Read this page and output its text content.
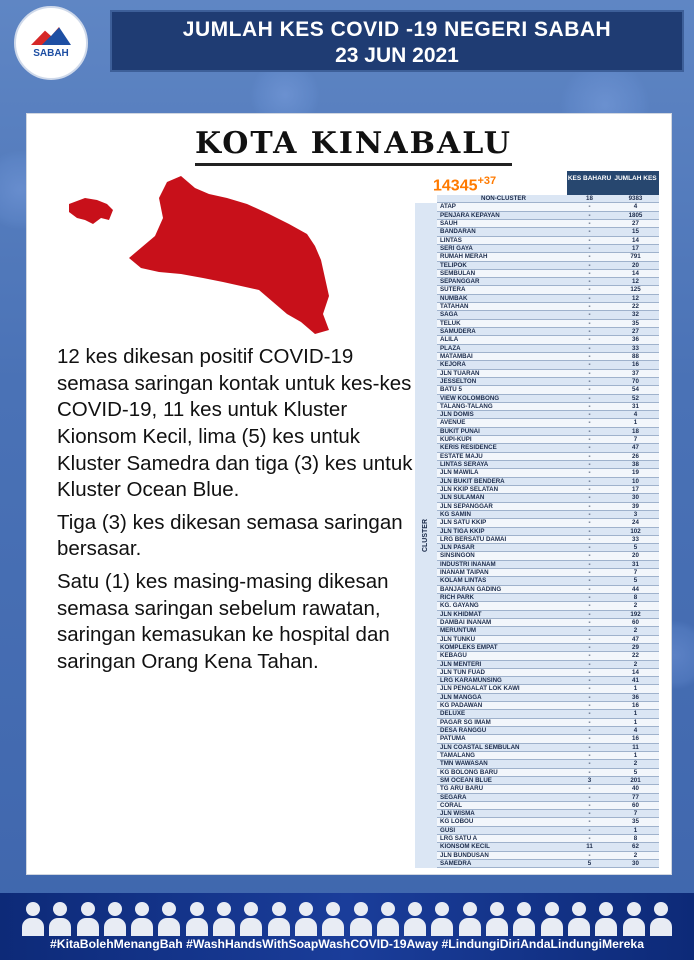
SABAH
JUMLAH KES COVID -19 NEGERI SABAH
23 JUN 2021
KOTA KINABALU

12 kes dikesan positif COVID-19 semasa saringan kontak untuk kes-kes COVID-19, 11 kes untuk Kluster Kionsom Kecil, lima (5) kes untuk Kluster Samedra dan tiga (3) kes untuk Kluster Ocean Blue.

Tiga (3) kes dikesan semasa saringan bersasar.

Satu (1) kes masing-masing dikesan semasa saringan sebelum rawatan, saringan kemasukan ke hospital dan saringan Orang Kena Tahan.

$14345^{+37}$	KES BAHARU JUMLAH KES
CLUSTER
NON-CLUSTER	18	9383
ATAP	-	4
PENJARA KEPAYAN	-	1805
SAUH	-	27
BANDARAN	-	15
LINTAS	-	14
SERI GAYA	-	17
RUMAH MERAH	-	791
TELIPOK	-	20
SEMBULAN	-	14
SEPANGGAR	-	12
SUTERA	-	125
NUMBAK	-	12
TATAHAN	-	22
SAGA	-	32
TELUK	-	35
SAMUDERA	-	27
ALILA	-	36
PLAZA	-	33
MATAMBAI	-	88
KEJORA	-	16
JLN TUARAN	-	37
JESSELTON	-	70
BATU 5	-	54
VIEW KOLOMBONG	-	52
TALANG-TALANG	-	31
JLN DOMIS	-	4
AVENUE	-	1
BUKIT PUNAI	-	18
KUPI-KUPI	-	7
KERIS RESIDENCE	-	47
ESTATE MAJU	-	26
LINTAS SERAYA	-	38
JLN MAWILA	-	19
JLN BUKIT BENDERA	-	10
JLN KKIP SELATAN	-	17
JLN SULAMAN	-	30
JLN SEPANGGAR	-	39
KG SAMIN	-	3
JLN SATU KKIP	-	24
JLN TIGA KKIP	-	102
LRG BERSATU DAMAI	-	33
JLN PASAR	-	5
SINSINGON	-	20
INDUSTRI INANAM	-	31
INANAM TAIPAN	-	7
KOLAM LINTAS	-	5
BANJARAN GADING	-	44
RICH PARK	-	8
KG. GAYANG	-	2
JLN KHIDMAT	-	192
DAMBAI INANAM	-	60
MERUNTUM	-	2
JLN TUNKU	-	47
KOMPLEKS EMPAT	-	29
KEBAGU	-	22
JLN MENTERI	-	2
JLN TUN FUAD	-	14
LRG KARAMUNSING	-	41
JLN PENGALAT LOK KAWI	-	1
JLN MANGGA	-	36
KG PADAWAN	-	16
DELUXE	-	1
PAGAR SG IMAM	-	1
DESA RANGGU	-	4
PATUMA	-	16
JLN COASTAL SEMBULAN	-	11
TAMALANG	-	1
TMN WAWASAN	-	2
KG BOLONG BARU	-	5
SM OCEAN BLUE	3	201
TG ARU BARU	-	40
SEGARA	-	77
CORAL	-	60
JLN WISMA	-	7
KG LOBOU	-	35
GUSI	-	1
LRG SATU A	-	8
KIONSOM KECIL	11	62
JLN BUNDUSAN	-	2
SAMEDRA	5	30
#KitaBolehMenangBah #WashHandsWithSoapWashCOVID-19Away #LindungiDiriAndaLindungiMereka
